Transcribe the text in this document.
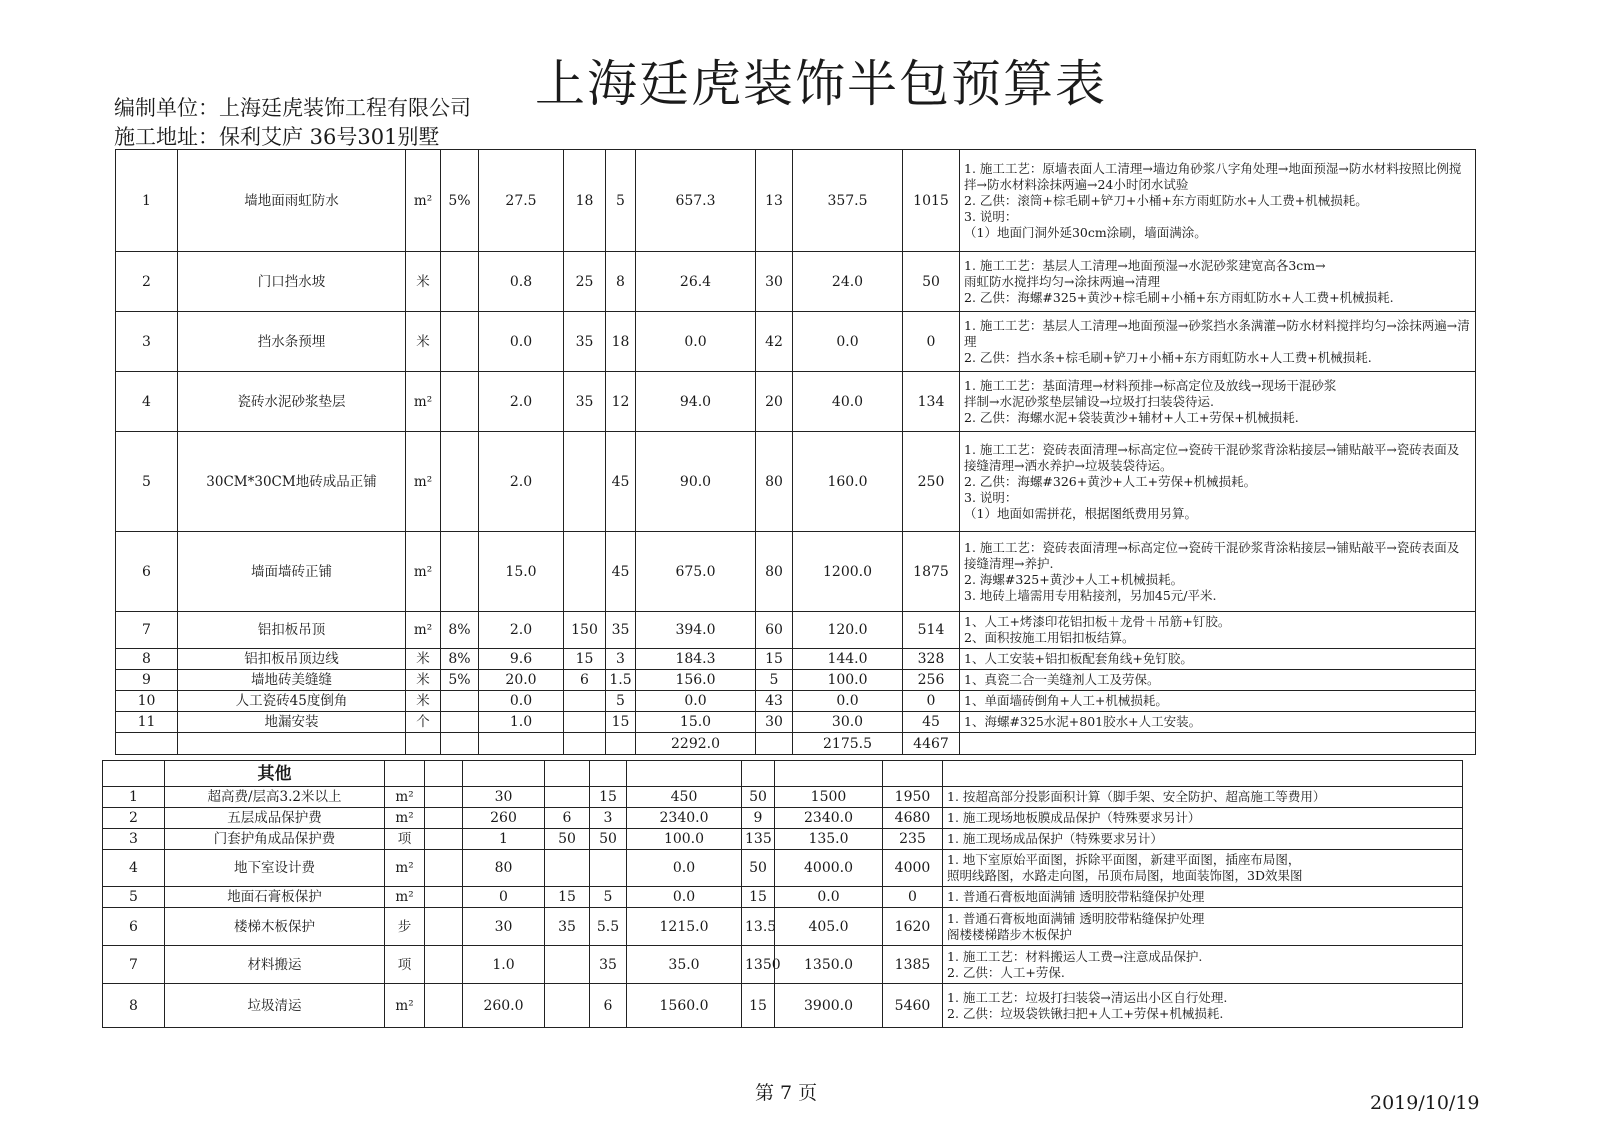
上海廷虎装饰半包预算表
编制单位：上海廷虎装饰工程有限公司
施工地址：保利艾庐 36号301别墅
1	墙地面雨虹防水	m²	5%	27.5	18	5	657.3	13	357.5	1015	1. 施工工艺：原墙表面人工清理→墙边角砂浆八字角处理→地面预湿→防水材料按照比例搅拌→防水材料涂抹两遍→24小时闭水试验
2. 乙供：滚筒+棕毛刷+铲刀+小桶+东方雨虹防水+人工费+机械损耗。
3. 说明：
（1）地面门洞外延30cm涂刷，墙面满涂。

2	门口挡水坡	米		0.8	25	8	26.4	30	24.0	50	1. 施工工艺：基层人工清理→地面预湿→水泥砂浆建宽高各3cm→
雨虹防水搅拌均匀→涂抹两遍→清理
2. 乙供：海螺#325+黄沙+棕毛刷+小桶+东方雨虹防水+人工费+机械损耗.

3	挡水条预埋	米		0.0	35	18	0.0	42	0.0	0	1. 施工工艺：基层人工清理→地面预湿→砂浆挡水条满灌→防水材料搅拌均匀→涂抹两遍→清理
2. 乙供：挡水条+棕毛刷+铲刀+小桶+东方雨虹防水+人工费+机械损耗.

4	瓷砖水泥砂浆垫层	m²		2.0	35	12	94.0	20	40.0	134	1. 施工工艺：基面清理→材料预排→标高定位及放线→现场干混砂浆
拌制→水泥砂浆垫层铺设→垃圾打扫装袋待运.
2. 乙供：海螺水泥+袋装黄沙+辅材+人工+劳保+机械损耗.

5	30CM*30CM地砖成品正铺	m²		2.0		45	90.0	80	160.0	250	1. 施工工艺：瓷砖表面清理→标高定位→瓷砖干混砂浆背涂粘接层→铺贴敲平→瓷砖表面及接缝清理→洒水养护→垃圾装袋待运。
2. 乙供：海螺#326+黄沙+人工+劳保+机械损耗。
3. 说明：
（1）地面如需拼花，根据图纸费用另算。

6	墙面墙砖正铺	m²		15.0		45	675.0	80	1200.0	1875	1. 施工工艺：瓷砖表面清理→标高定位→瓷砖干混砂浆背涂粘接层→铺贴敲平→瓷砖表面及接缝清理→养护.
2. 海螺#325+黄沙+人工+机械损耗。
3. 地砖上墙需用专用粘接剂，另加45元/平米.

7	铝扣板吊顶	m²	8%	2.0	150	35	394.0	60	120.0	514	1、人工+烤漆印花铝扣板＋龙骨＋吊筋+钉胶。
2、面积按施工用铝扣板结算。

8	铝扣板吊顶边线	米	8%	9.6	15	3	184.3	15	144.0	328	1、人工安装+铝扣板配套角线+免钉胶。

9	墙地砖美缝缝	米	5%	20.0	6	1.5	156.0	5	100.0	256	1、真瓷二合一美缝剂人工及劳保。

10	人工瓷砖45度倒角	米		0.0		5	0.0	43	0.0	0	1、单面墙砖倒角+人工+机械损耗。

11	地漏安装	个		1.0		15	15.0	30	30.0	45	1、海螺#325水泥+801胶水+人工安装。

							2292.0		2175.5	4467	
	其他										
1	超高费/层高3.2米以上	m²		30		15	450	50	1500	1950	1. 按超高部分投影面积计算（脚手架、安全防护、超高施工等费用）

2	五层成品保护费	m²		260	6	3	2340.0	9	2340.0	4680	1. 施工现场地板膜成品保护（特殊要求另计）

3	门套护角成品保护费	项		1	50	50	100.0	135	135.0	235	1. 施工现场成品保护（特殊要求另计）

4	地下室设计费	m²		80			0.0	50	4000.0	4000	1. 地下室原始平面图，拆除平面图，新建平面图，插座布局图，
照明线路图，水路走向图，吊顶布局图，地面装饰图，3D效果图

5	地面石膏板保护	m²		0	15	5	0.0	15	0.0	0	1. 普通石膏板地面满铺 透明胶带粘缝保护处理

6	楼梯木板保护	步		30	35	5.5	1215.0	13.5	405.0	1620	1. 普通石膏板地面满铺 透明胶带粘缝保护处理
阁楼楼梯踏步木板保护

7	材料搬运	项		1.0		35	35.0	1350	1350.0	1385	1. 施工工艺：材料搬运人工费→注意成品保护.
2. 乙供：人工+劳保.

8	垃圾清运	m²		260.0		6	1560.0	15	3900.0	5460	1. 施工工艺：垃圾打扫装袋→清运出小区自行处理.
2. 乙供：垃圾袋铁锹扫把+人工+劳保+机械损耗.
第 7 页	2019/10/19
